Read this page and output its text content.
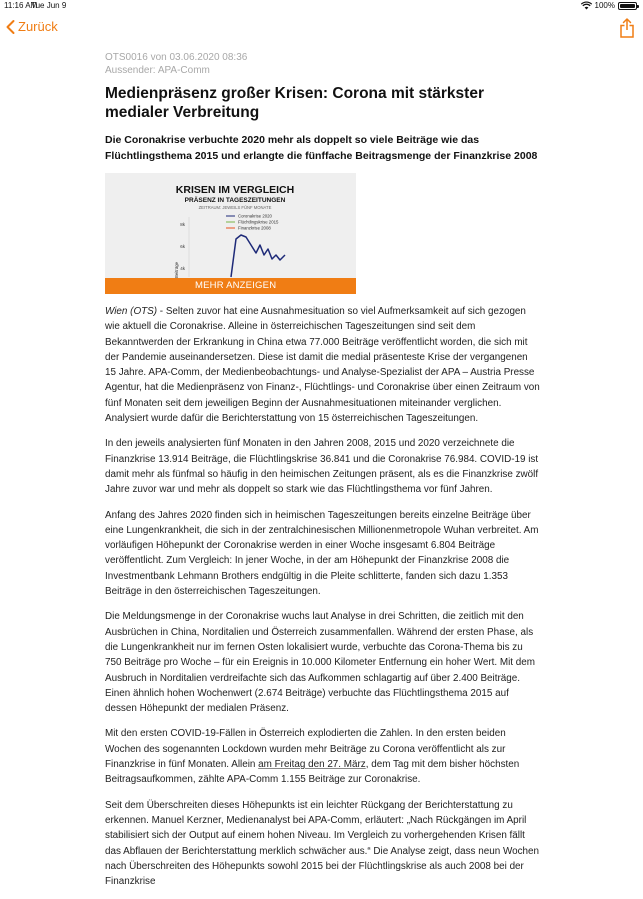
11:16 AM
Tue Jun 9	100%
Zurück
OTS0016 von 03.06.2020 08:36
Aussender: APA-Comm
Medienpräsenz großer Krisen: Corona mit stärkster medialer Verbreitung
Die Coronakrise verbuchte 2020 mehr als doppelt so viele Beiträge wie das Flüchtlingsthema 2015 und erlangte die fünffache Beitragsmenge der Finanzkrise 2008
KRISEN IM VERGLEICH
PRÄSENZ IN TAGESZEITUNGEN
ZEITRAUM: JEWEILS FÜNF MONATE
Coronakrise 2020
Flüchtlingskrise 2015
Finanzkrise 2008
8k
6k
4k
Beiträge
MEHR ANZEIGEN

Wien (OTS) - Selten zuvor hat eine Ausnahmesituation so viel Aufmerksamkeit auf sich gezogen wie aktuell die Coronakrise. Alleine in österreichischen Tageszeitungen sind seit dem Bekanntwerden der Erkrankung in China etwa 77.000 Beiträge veröffentlicht worden, die sich mit der Pandemie auseinandersetzen. Diese ist damit die medial präsenteste Krise der vergangenen 15 Jahre. APA-Comm, der Medienbeobachtungs- und Analyse-Spezialist der APA – Austria Presse Agentur, hat die Medienpräsenz von Finanz-, Flüchtlings- und Coronakrise über einen Zeitraum von fünf Monaten seit dem jeweiligen Beginn der Ausnahmesituationen miteinander verglichen. Analysiert wurde dafür die Berichterstattung von 15 österreichischen Tageszeitungen.

In den jeweils analysierten fünf Monaten in den Jahren 2008, 2015 und 2020 verzeichnete die Finanzkrise 13.914 Beiträge, die Flüchtlingskrise 36.841 und die Coronakrise 76.984. COVID-19 ist damit mehr als fünfmal so häufig in den heimischen Zeitungen präsent, als es die Finanzkrise zwölf Jahre zuvor war und mehr als doppelt so stark wie das Flüchtlingsthema vor fünf Jahren.

Anfang des Jahres 2020 finden sich in heimischen Tageszeitungen bereits einzelne Beiträge über eine Lungenkrankheit, die sich in der zentralchinesischen Millionenmetropole Wuhan verbreitet. Am vorläufigen Höhepunkt der Coronakrise werden in einer Woche insgesamt 6.804 Beiträge veröffentlicht. Zum Vergleich: In jener Woche, in der am Höhepunkt der Finanzkrise 2008 die Investmentbank Lehmann Brothers endgültig in die Pleite schlitterte, fanden sich dazu 1.353 Beiträge in den österreichischen Tageszeitungen.

Die Meldungsmenge in der Coronakrise wuchs laut Analyse in drei Schritten, die zeitlich mit den Ausbrüchen in China, Norditalien und Österreich zusammenfallen. Während der ersten Phase, als die Lungenkrankheit nur im fernen Osten lokalisiert wurde, verbuchte das Corona-Thema bis zu 750 Beiträge pro Woche – für ein Ereignis in 10.000 Kilometer Entfernung ein hoher Wert. Mit dem Ausbruch in Norditalien verdreifachte sich das Aufkommen schlagartig auf über 2.400 Beiträge. Einen ähnlich hohen Wochenwert (2.674 Beiträge) verbuchte das Flüchtlingsthema 2015 auf dessen Höhepunkt der medialen Präsenz.

Mit den ersten COVID-19-Fällen in Österreich explodierten die Zahlen. In den ersten beiden Wochen des sogenannten Lockdown wurden mehr Beiträge zu Corona veröffentlicht als zur Finanzkrise in fünf Monaten. Allein am Freitag den 27. März, dem Tag mit dem bisher höchsten Beitragsaufkommen, zählte APA-Comm 1.155 Beiträge zur Coronakrise.

Seit dem Überschreiten dieses Höhepunkts ist ein leichter Rückgang der Berichterstattung zu erkennen. Manuel Kerzner, Medienanalyst bei APA-Comm, erläutert: „Nach Rückgängen im April stabilisiert sich der Output auf einem hohen Niveau. Im Vergleich zu vorhergehenden Krisen fällt das Abflauen der Berichterstattung merklich schwächer aus.“ Die Analyse zeigt, dass neun Wochen nach Überschreiten des Höhepunkts sowohl 2015 bei der Flüchtlingskrise als auch 2008 bei der Finanzkrise
